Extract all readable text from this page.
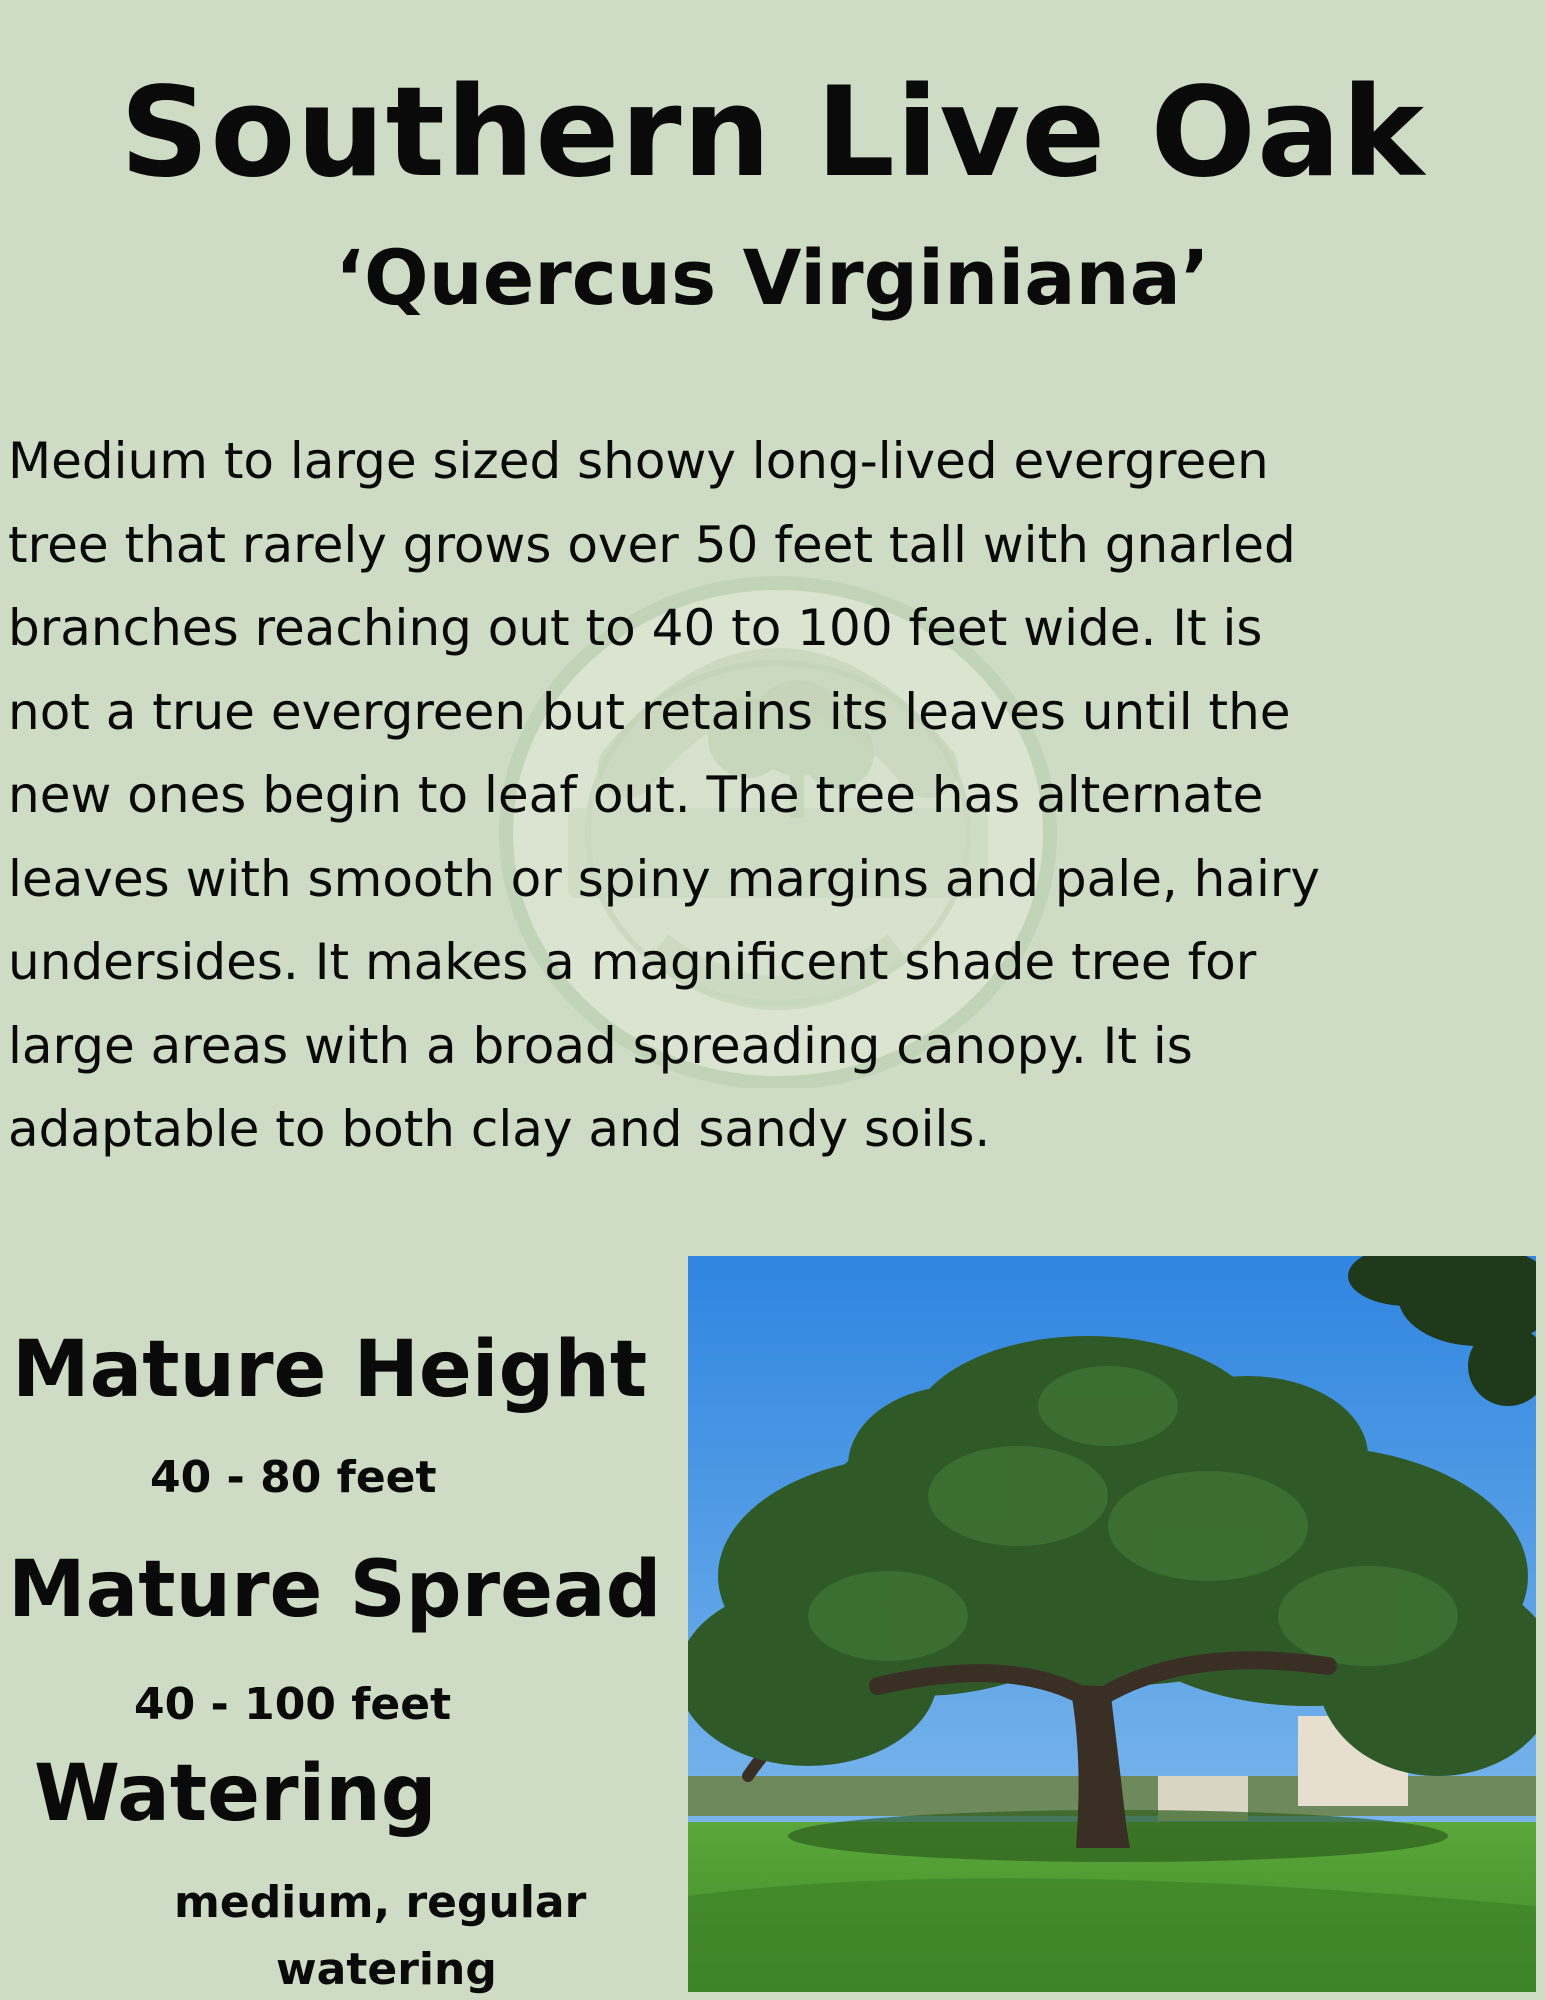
Southern Live Oak
‘Quercus Virginiana’

Medium to large sized showy long-lived evergreen
tree that rarely grows over 50 feet tall with gnarled
branches reaching out to 40 to 100 feet wide. It is
not a true evergreen but retains its leaves until the
new ones begin to leaf out. The tree has alternate
leaves with smooth or spiny margins and pale, hairy
undersides. It makes a magnificent shade tree for
large areas with a broad spreading canopy. It is
adaptable to both clay and sandy soils.

Mature Height
40 - 80 feet
Mature Spread
40 - 100 feet
Watering
medium, regular
watering
